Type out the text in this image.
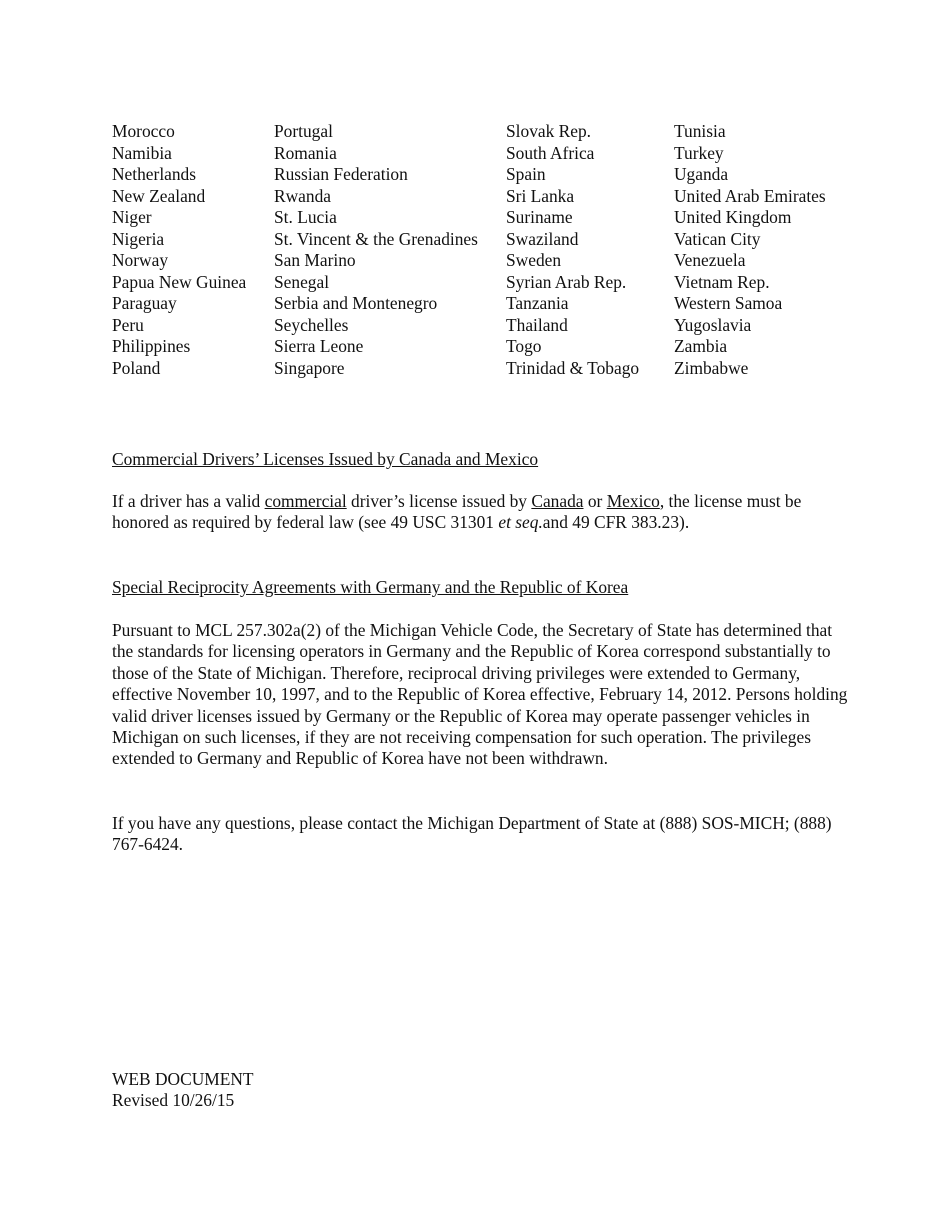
Morocco
Namibia
Netherlands
New Zealand
Niger
Nigeria
Norway
Papua New Guinea
Paraguay
Peru
Philippines
Poland
Portugal
Romania
Russian Federation
Rwanda
St. Lucia
St. Vincent & the Grenadines
San Marino
Senegal
Serbia and Montenegro
Seychelles
Sierra Leone
Singapore
Slovak Rep.
South Africa
Spain
Sri Lanka
Suriname
Swaziland
Sweden
Syrian Arab Rep.
Tanzania
Thailand
Togo
Trinidad & Tobago
Tunisia
Turkey
Uganda
United Arab Emirates
United Kingdom
Vatican City
Venezuela
Vietnam Rep.
Western Samoa
Yugoslavia
Zambia
Zimbabwe
Commercial Drivers’ Licenses Issued by Canada and Mexico

If a driver has a valid commercial driver’s license issued by Canada or Mexico, the license must be honored as required by federal law (see 49 USC 31301 et seq.and 49 CFR 383.23).

Special Reciprocity Agreements with Germany and the Republic of Korea

Pursuant to MCL 257.302a(2) of the Michigan Vehicle Code, the Secretary of State has determined that the standards for licensing operators in Germany and the Republic of Korea correspond substantially to those of the State of Michigan. Therefore, reciprocal driving privileges were extended to Germany, effective November 10, 1997, and to the Republic of Korea effective, February 14, 2012. Persons holding valid driver licenses issued by Germany or the Republic of Korea may operate passenger vehicles in Michigan on such licenses, if they are not receiving compensation for such operation. The privileges extended to Germany and Republic of Korea have not been withdrawn.

If you have any questions, please contact the Michigan Department of State at (888) SOS-MICH; (888) 767-6424.

WEB DOCUMENT
Revised 10/26/15
